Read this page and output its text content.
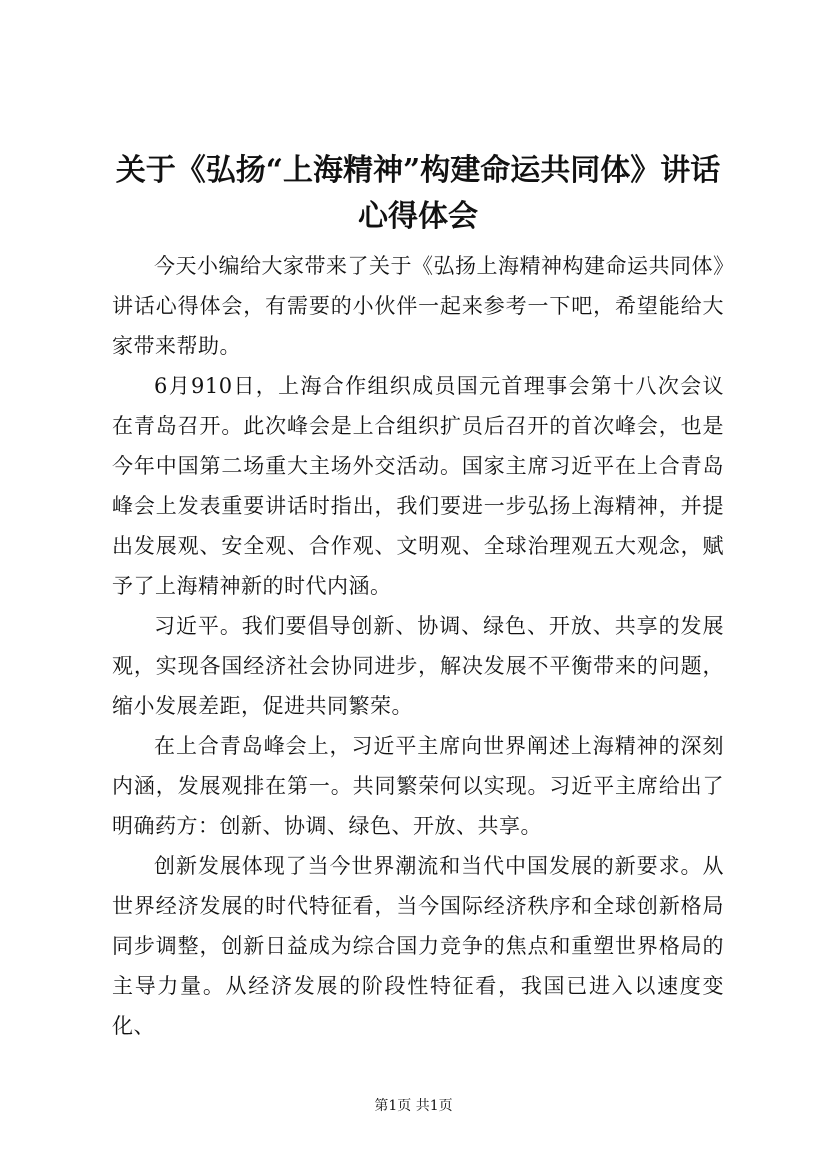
关于《弘扬“上海精神”构建命运共同体》讲话心得体会

今天小编给大家带来了关于《弘扬上海精神构建命运共同体》讲话心得体会，有需要的小伙伴一起来参考一下吧，希望能给大家带来帮助。

6月910日，上海合作组织成员国元首理事会第十八次会议在青岛召开。此次峰会是上合组织扩员后召开的首次峰会，也是今年中国第二场重大主场外交活动。国家主席习近平在上合青岛峰会上发表重要讲话时指出，我们要进一步弘扬上海精神，并提出发展观、安全观、合作观、文明观、全球治理观五大观念，赋予了上海精神新的时代内涵。

习近平。我们要倡导创新、协调、绿色、开放、共享的发展观，实现各国经济社会协同进步，解决发展不平衡带来的问题，缩小发展差距，促进共同繁荣。

在上合青岛峰会上，习近平主席向世界阐述上海精神的深刻内涵，发展观排在第一。共同繁荣何以实现。习近平主席给出了明确药方：创新、协调、绿色、开放、共享。

创新发展体现了当今世界潮流和当代中国发展的新要求。从世界经济发展的时代特征看，当今国际经济秩序和全球创新格局同步调整，创新日益成为综合国力竞争的焦点和重塑世界格局的主导力量。从经济发展的阶段性特征看，我国已进入以速度变化、

第1页 共1页
